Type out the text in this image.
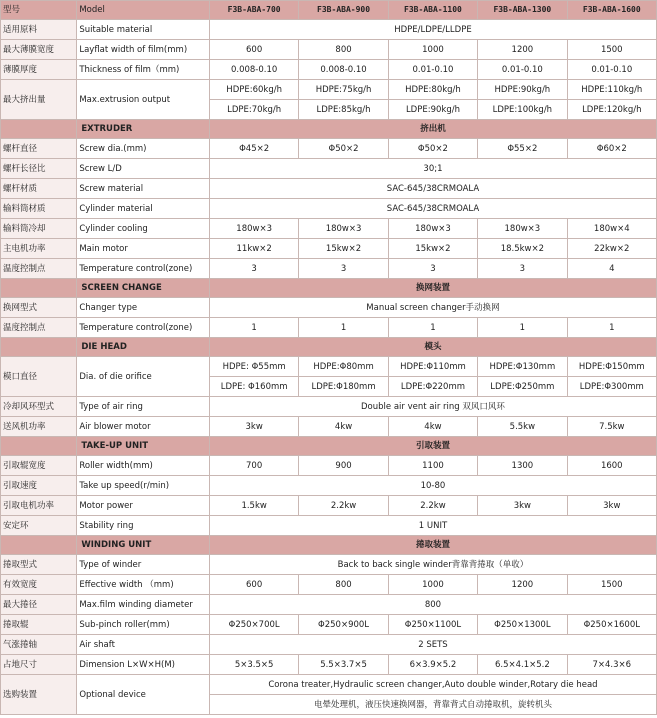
型号	Model	F3B-ABA-700	F3B-ABA-900	F3B-ABA-1100	F3B-ABA-1300	F3B-ABA-1600
适用原料	Suitable material	HDPE/LDPE/LLDPE				
最大薄膜宽度	Layflat width of film(mm)	600	800	1000	1200	1500
薄膜厚度	Thickness of film（mm)	0.008-0.10	0.008-0.10	0.01-0.10	0.01-0.10	0.01-0.10
最大挤出量	Max.extrusion output	HDPE:60kg/h	HDPE:75kg/h	HDPE:80kg/h	HDPE:90kg/h	HDPE:110kg/h
		LDPE:70kg/h	LDPE:85kg/h	LDPE:90kg/h	LDPE:100kg/h	LDPE:120kg/h
	EXTRUDER	挤出机				
螺杆直径	Screw dia.(mm)	Φ45×2	Φ50×2	Φ50×2	Φ55×2	Φ60×2
螺杆长径比	Screw L/D	30;1				
螺杆材质	Screw material	SAC-645/38CRMOALA				
输料筒材质	Cylinder material	SAC-645/38CRMOALA				
输料筒冷却	Cylinder cooling	180w×3	180w×3	180w×3	180w×3	180w×4
主电机功率	Main motor	11kw×2	15kw×2	15kw×2	18.5kw×2	22kw×2
温度控制点	Temperature control(zone)	3	3	3	3	4
	SCREEN CHANGE	换网装置				
换网型式	Changer type	Manual screen changer手动换网				
温度控制点	Temperature control(zone)	1	1	1	1	1
	DIE HEAD	模头				
模口直径	Dia. of die orifice	HDPE: Φ55mm	HDPE:Φ80mm	HDPE:Φ110mm	HDPE:Φ130mm	HDPE:Φ150mm
		LDPE: Φ160mm	LDPE:Φ180mm	LDPE:Φ220mm	LDPE:Φ250mm	LDPE:Φ300mm
冷却风环型式	Type of air ring	Double air vent air ring 双风口风环				
送风机功率	Air blower motor	3kw	4kw	4kw	5.5kw	7.5kw
	TAKE-UP UNIT	引取装置				
引取辊宽度	Roller width(mm)	700	900	1100	1300	1600
引取速度	Take up speed(r/min)	10-80				
引取电机功率	Motor power	1.5kw	2.2kw	2.2kw	3kw	3kw
安定环	Stability ring	1 UNIT				
	WINDING UNIT	捲取装置				
捲取型式	Type of winder	Back to back single winder背靠背捲取（单收）				
有效宽度	Effective width （mm)	600	800	1000	1200	1500
最大捲径	Max.film winding diameter	800				
捲取辊	Sub-pinch roller(mm)	Φ250×700L	Φ250×900L	Φ250×1100L	Φ250×1300L	Φ250×1600L
气涨捲轴	Air shaft	2 SETS				
占地尺寸	Dimension L×W×H(M)	5×3.5×5	5.5×3.7×5	6×3.9×5.2	6.5×4.1×5.2	7×4.3×6
选购装置	Optional device	Corona treater,Hydraulic screen changer,Auto double winder,Rotary die head				
		电晕处理机，液压快速换网器，背靠背式自动捲取机，旋转机头				
